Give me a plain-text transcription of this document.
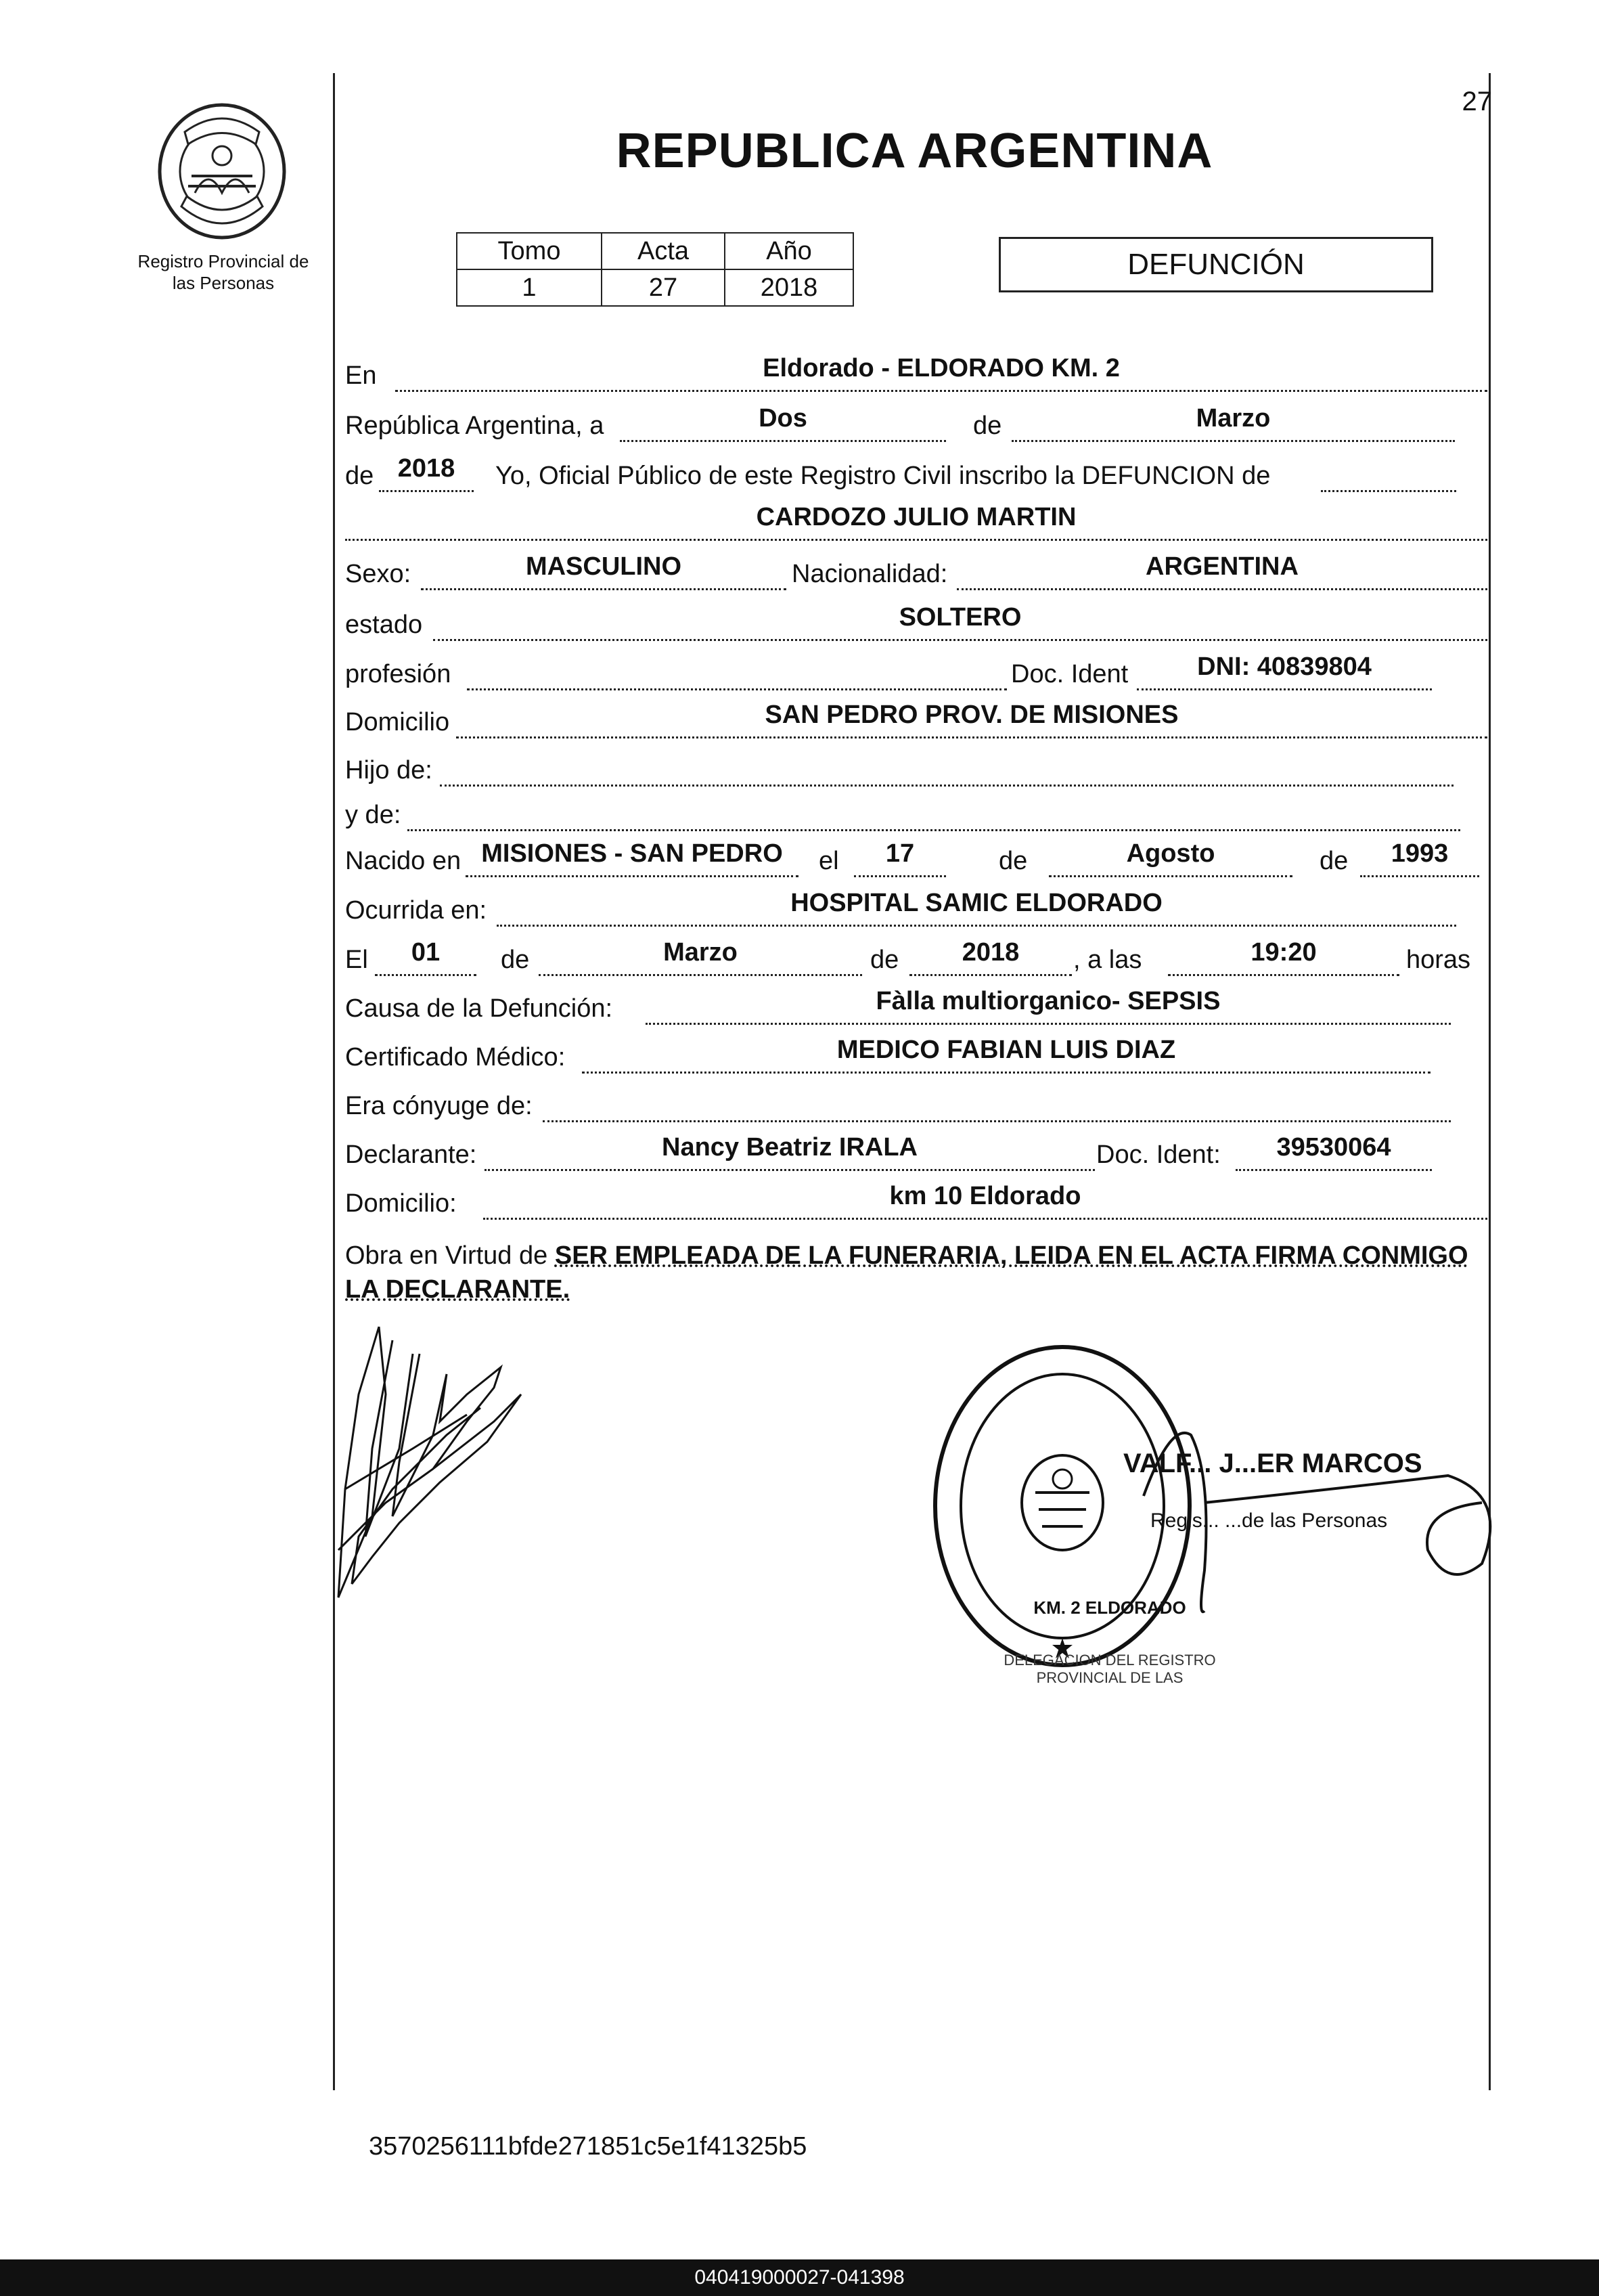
27
Registro Provincial de
las Personas
REPUBLICA ARGENTINA
Tomo	Acta	Año
1	27	2018
DEFUNCIÓN
En	Eldorado - ELDORADO KM. 2
República Argentina, a	Dos	de	Marzo
de 2018	Yo, Oficial Público de este Registro Civil inscribo la DEFUNCION de
CARDOZO JULIO MARTIN
Sexo:	MASCULINO	Nacionalidad:	ARGENTINA
estado	SOLTERO
profesión	Doc. Ident	DNI: 40839804
Domicilio	SAN PEDRO PROV. DE MISIONES
Hijo de:
y de:
Nacido en MISIONES - SAN PEDRO	el	17	de	Agosto	de	1993
Ocurrida en:	HOSPITAL SAMIC ELDORADO
El	01	de	Marzo	de	2018	, a las	19:20	horas
Causa de la Defunción:	Fàlla multiorganico- SEPSIS
Certificado Médico:	MEDICO FABIAN LUIS DIAZ
Era cónyuge de:
Declarante:	Nancy Beatriz IRALA	Doc. Ident:	39530064
Domicilio:	km 10 Eldorado
Obra en Virtud de SER EMPLEADA DE LA FUNERARIA, LEIDA EN EL ACTA FIRMA CONMIGO LA DECLARANTE.
VALF... J...ER MARCOS
Regis... ...de las Personas
DELEGACION DEL REGISTRO PROVINCIAL DE LAS
KM. 2 ELDORADO
3570256111bfde271851c5e1f41325b5
040419000027-041398
